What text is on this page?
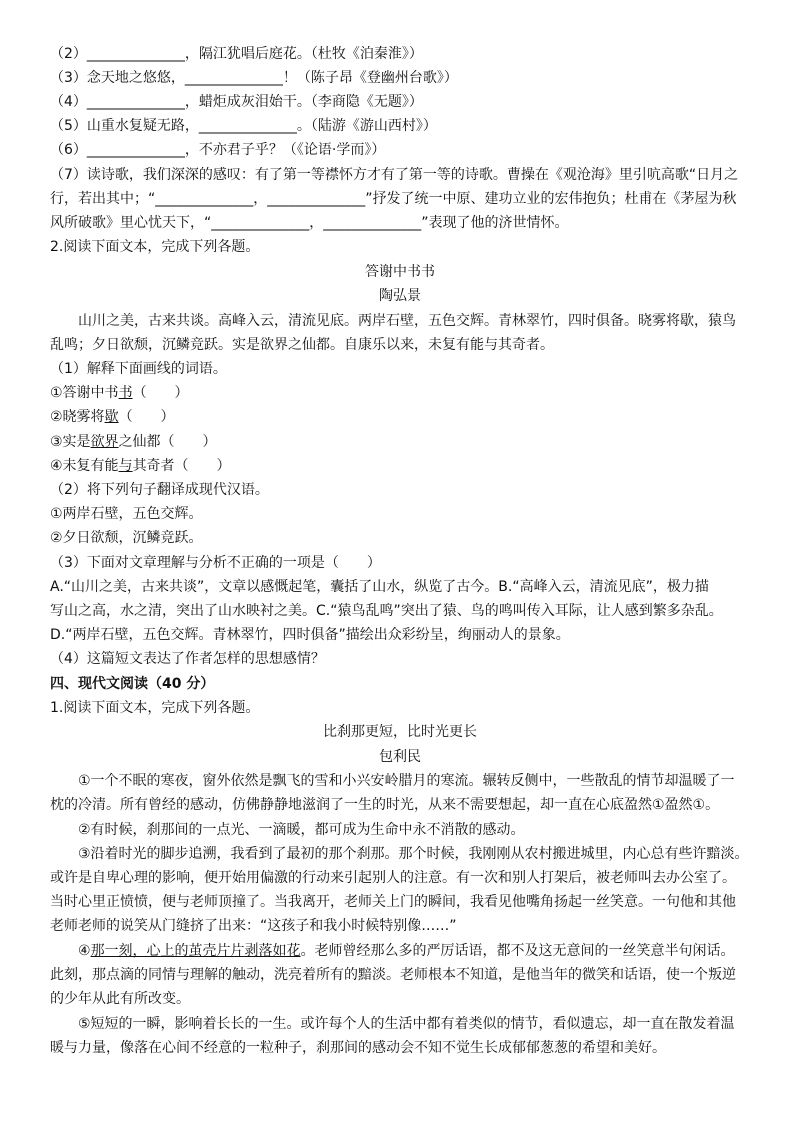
（2）______________，隔江犹唱后庭花。（杜牧《泊秦淮》）
（3）念天地之悠悠，______________！（陈子昂《登幽州台歌》）
（4）______________，蜡炬成灰泪始干。（李商隐《无题》）
（5）山重水复疑无路，______________。（陆游《游山西村》）
（6）______________，不亦君子乎？（《论语·学而》）
（7）读诗歌，我们深深的感叹：有了第一等襟怀方才有了第一等的诗歌。曹操在《观沧海》里引吭高歌“日月之
行，若出其中；“______________，______________”抒发了统一中原、建功立业的宏伟抱负；杜甫在《茅屋为秋
风所破歌》里心忧天下，“______________，______________”表现了他的济世情怀。
2.阅读下面文本，完成下列各题。
答谢中书书
陶弘景
山川之美，古来共谈。高峰入云，清流见底。两岸石壁，五色交辉。青林翠竹，四时俱备。晓雾将歇，猿鸟
乱鸣；夕日欲颓，沉鳞竞跃。实是欲界之仙都。自康乐以来，未复有能与其奇者。
（1）解释下面画线的词语。
①答谢中书书（　　）
②晓雾将歇（　　）
③实是欲界之仙都（　　）
④未复有能与其奇者（　　）
（2）将下列句子翻译成现代汉语。
①两岸石壁，五色交辉。
②夕日欲颓，沉鳞竞跃。
（3）下面对文章理解与分析不正确的一项是（　　）
A.“山川之美，古来共谈”，文章以感慨起笔，囊括了山水，纵览了古今。B.“高峰入云，清流见底”，极力描
写山之高，水之清，突出了山水映衬之美。C.“猿鸟乱鸣”突出了猿、鸟的鸣叫传入耳际，让人感到繁多杂乱。
D.“两岸石壁，五色交辉。青林翠竹，四时俱备”描绘出众彩纷呈，绚丽动人的景象。
（4）这篇短文表达了作者怎样的思想感情？
四、现代文阅读（40 分）
1.阅读下面文本，完成下列各题。
比刹那更短，比时光更长
包利民
①一个不眠的寒夜，窗外依然是飘飞的雪和小兴安岭腊月的寒流。辗转反侧中，一些散乱的情节却温暖了一
枕的冷清。所有曾经的感动，仿佛静静地滋润了一生的时光，从来不需要想起，却一直在心底盈然①盈然①。
②有时候，刹那间的一点光、一滴暖，都可成为生命中永不消散的感动。
③沿着时光的脚步追溯，我看到了最初的那个刹那。那个时候，我刚刚从农村搬进城里，内心总有些许黯淡。
或许是自卑心理的影响，便开始用偏激的行动来引起别人的注意。有一次和别人打架后，被老师叫去办公室了。
当时心里正愤愤，便与老师顶撞了。当我离开，老师关上门的瞬间，我看见他嘴角扬起一丝笑意。一句他和其他
老师老师的说笑从门缝挤了出来：“这孩子和我小时候特别像……”
④那一刻，心上的茧壳片片剥落如花。老师曾经那么多的严厉话语，都不及这无意间的一丝笑意半句闲话。
此刻，那点滴的同情与理解的触动，洗亮着所有的黯淡。老师根本不知道，是他当年的微笑和话语，使一个叛逆
的少年从此有所改变。
⑤短短的一瞬，影响着长长的一生。或许每个人的生活中都有着类似的情节，看似遗忘，却一直在散发着温
暖与力量，像落在心间不经意的一粒种子，刹那间的感动会不知不觉生长成郁郁葱葱的希望和美好。
